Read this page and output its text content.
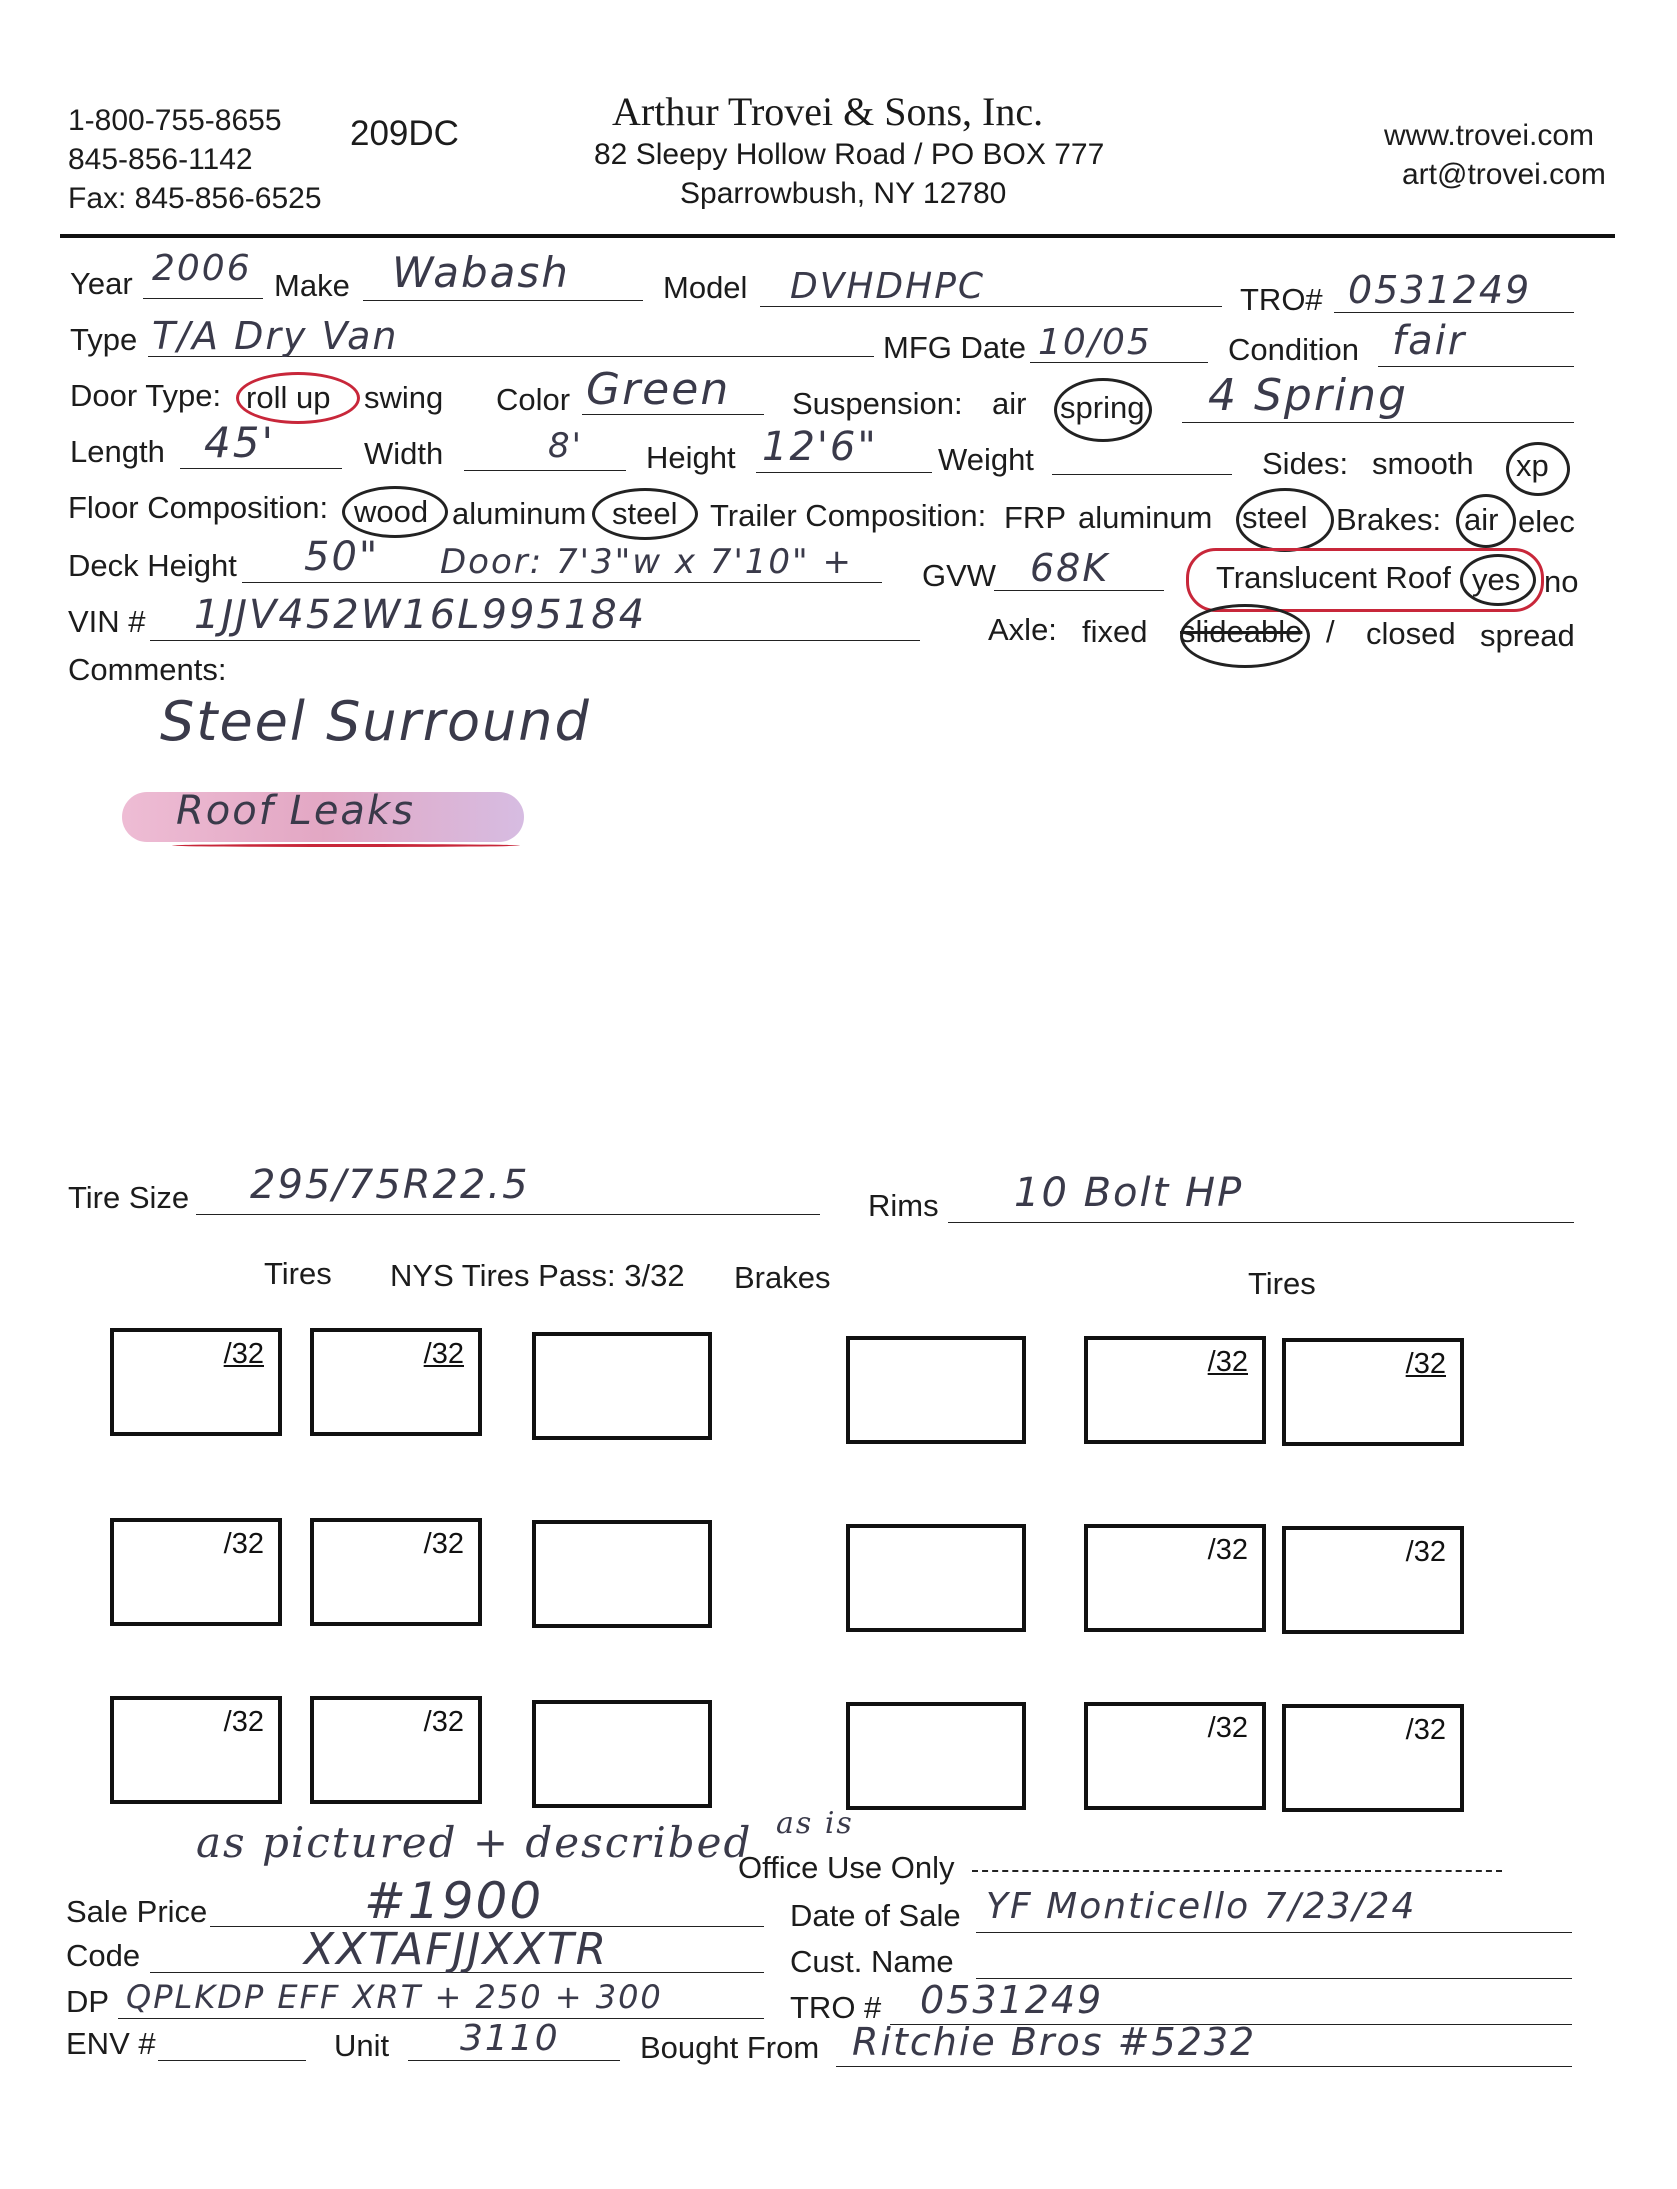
1-800-755-8655
845-856-1142
Fax: 845-856-6525
209DC	Arthur Trovei & Sons, Inc.
82 Sleepy Hollow Road / PO BOX 777
Sparrowbush, NY 12780
www.trovei.com
art@trovei.com
Year 2006 Make Wabash	Model DVHDHPC	TRO# 0531249
Type T/A Dry Van	MFG Date 10/05 Condition fair
Door Type: roll up swing Color Green Suspension: air spring 4 Spring
Length 45'	Width	8' Height 12'6" Weight	Sides: smooth xp
Floor Composition: wood aluminum steel Trailer Composition: FRP aluminum steel Brakes: air elec
Deck Height 50" Door: 7'3"w x 7'10" + GVW 68K	Translucent Roof yes no
VIN # 1JJV452W16L995184	Axle: fixed slideable / closed spread
Comments:
Steel Surround
Roof Leaks
Tire Size 295/75R22.5	Rims 10 Bolt HP
Tires NYS Tires Pass: 3/32 Brakes	Tires
/32	/32	/32	/32
/32	/32	/32	/32
/32	/32	/32	/32
as pictured + described as is
Office Use Only
Sale Price	#1900
Code	XXTAFJJXXTR
DP QPLKDP EFF XRT + 250 + 300
ENV #	Unit 3110
Date of Sale YF Monticello 7/23/24
Cust. Name
TRO # 0531249
Bought From Ritchie Bros #5232
